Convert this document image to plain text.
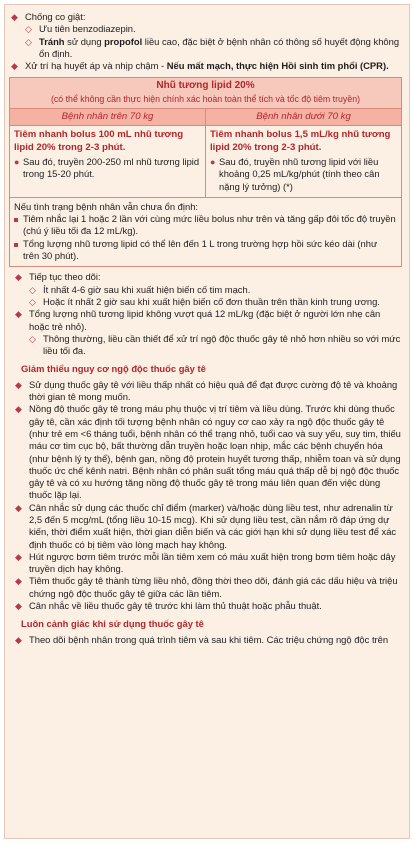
◆ Chống co giật:
◇ Ưu tiên benzodiazepin.
◇ Tránh sử dụng propofol liều cao, đặc biệt ở bệnh nhân có thông số huyết động không ổn định.
◆ Xử trí hạ huyết áp và nhịp chậm - Nếu mất mạch, thực hiện Hồi sinh tim phổi (CPR).
Nhũ tương lipid 20%
(có thể không cần thực hiện chính xác hoàn toàn thể tích và tốc độ tiêm truyền)
Bệnh nhân trên 70 kg
Tiêm nhanh bolus 100 mL nhũ tương lipid 20% trong 2-3 phút.
● Sau đó, truyền 200-250 ml nhũ tương lipid trong 15-20 phút.
Bệnh nhân dưới 70 kg
Tiêm nhanh bolus 1,5 mL/kg nhũ tương lipid 20% trong 2-3 phút.
● Sau đó, truyền nhũ tương lipid với liều khoảng 0,25 mL/kg/phút (tính theo cân nặng lý tưởng) (*)
Nếu tình trạng bệnh nhân vẫn chưa ổn định:
Tiêm nhắc lại 1 hoặc 2 lần với cùng mức liều bolus như trên và tăng gấp đôi tốc độ truyền (chú ý liều tối đa 12 mL/kg).
Tổng lượng nhũ tương lipid có thể lên đến 1 L trong trường hợp hồi sức kéo dài (như trên 30 phút).
◆ Tiếp tục theo dõi:
◇ Ít nhất 4-6 giờ sau khi xuất hiện biến cố tim mạch.
◇ Hoặc ít nhất 2 giờ sau khi xuất hiện biến cố đơn thuần trên thần kinh trung ương.
◆ Tổng lượng nhũ tương lipid không vượt quá 12 mL/kg (đặc biệt ở người lớn nhẹ cân hoặc trẻ nhỏ).
◇ Thông thường, liều cần thiết để xử trí ngộ độc thuốc gây tê nhỏ hơn nhiều so với mức liều tối đa.
Giảm thiểu nguy cơ ngộ độc thuốc gây tê
◆ Sử dụng thuốc gây tê với liều thấp nhất có hiệu quả để đạt được cường độ tê và khoảng thời gian tê mong muốn.
◆ Nồng độ thuốc gây tê trong máu phụ thuộc vị trí tiêm và liều dùng. Trước khi dùng thuốc gây tê, cần xác định tối tượng bệnh nhân có nguy cơ cao xảy ra ngộ độc thuốc gây tê (như trẻ em <6 tháng tuổi, bệnh nhân có thể trạng nhỏ, tuổi cao và suy yếu, suy tim, thiếu máu cơ tim cục bộ, bất thường dẫn truyền hoặc loạn nhịp, mắc các bệnh chuyển hóa (như bệnh lý ty thể), bệnh gan, nồng độ protein huyết tương thấp, nhiễm toan và sử dụng thuốc ức chế kênh natri. Bệnh nhân có phân suất tống máu quá thấp dễ bị ngộ độc thuốc gây tê và có xu hướng tăng nồng độ thuốc gây tê trong máu liên quan đến việc dùng thuốc lặp lại.
◆ Cân nhắc sử dụng các thuốc chỉ điểm (marker) và/hoặc dùng liều test, như adrenalin từ 2,5 đến 5 mcg/mL (tổng liều 10-15 mcg). Khi sử dụng liều test, cần nắm rõ đáp ứng dự kiến, thời điểm xuất hiện, thời gian diễn biến và các giới hạn khi sử dụng liều test để xác định thuốc có bị tiêm vào lòng mạch hay không.
◆ Hút ngược bơm tiêm trước mỗi lần tiêm xem có máu xuất hiện trong bơm tiêm hoặc dây truyền dịch hay không.
◆ Tiêm thuốc gây tê thành từng liều nhỏ, đồng thời theo dõi, đánh giá các dấu hiệu và triệu chứng ngộ độc thuốc gây tê giữa các lần tiêm.
◆ Cân nhắc về liều thuốc gây tê trước khi làm thủ thuật hoặc phẫu thuật.
Luôn cảnh giác khi sử dụng thuốc gây tê
◆ Theo dõi bệnh nhân trong quá trình tiêm và sau khi tiêm. Các triệu chứng ngộ độc trên
